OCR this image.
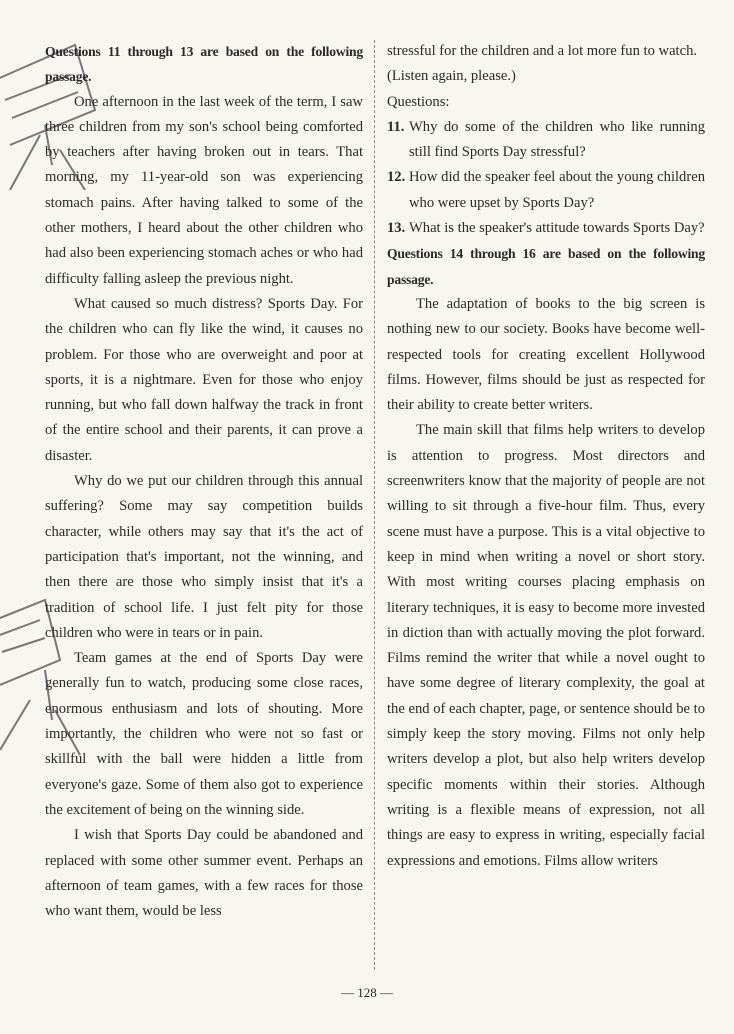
Questions 11 through 13 are based on the following passage.

One afternoon in the last week of the term, I saw three children from my son's school being comforted by teachers after having broken out in tears. That morning, my 11-year-old son was experiencing stomach pains. After having talked to some of the other mothers, I heard about the other children who had also been experiencing stomach aches or who had difficulty falling asleep the previous night.

What caused so much distress? Sports Day. For the children who can fly like the wind, it causes no problem. For those who are overweight and poor at sports, it is a nightmare. Even for those who enjoy running, but who fall down halfway the track in front of the entire school and their parents, it can prove a disaster.

Why do we put our children through this annual suffering? Some may say competition builds character, while others may say that it's the act of participation that's important, not the winning, and then there are those who simply insist that it's a tradition of school life. I just felt pity for those children who were in tears or in pain.

Team games at the end of Sports Day were generally fun to watch, producing some close races, enormous enthusiasm and lots of shouting. More importantly, the children who were not so fast or skillful with the ball were hidden a little from everyone's gaze. Some of them also got to experience the excitement of being on the winning side.

I wish that Sports Day could be abandoned and replaced with some other summer event. Perhaps an afternoon of team games, with a few races for those who want them, would be less

stressful for the children and a lot more fun to watch.

(Listen again, please.)

Questions:

11. Why do some of the children who like running still find Sports Day stressful?

12. How did the speaker feel about the young children who were upset by Sports Day?

13. What is the speaker's attitude towards Sports Day?

Questions 14 through 16 are based on the following passage.

The adaptation of books to the big screen is nothing new to our society. Books have become well-respected tools for creating excellent Hollywood films. However, films should be just as respected for their ability to create better writers.

The main skill that films help writers to develop is attention to progress. Most directors and screenwriters know that the majority of people are not willing to sit through a five-hour film. Thus, every scene must have a purpose. This is a vital objective to keep in mind when writing a novel or short story. With most writing courses placing emphasis on literary techniques, it is easy to become more invested in diction than with actually moving the plot forward. Films remind the writer that while a novel ought to have some degree of literary complexity, the goal at the end of each chapter, page, or sentence should be to simply keep the story moving. Films not only help writers develop a plot, but also help writers develop specific moments within their stories. Although writing is a flexible means of expression, not all things are easy to express in writing, especially facial expressions and emotions. Films allow writers

— 128 —
